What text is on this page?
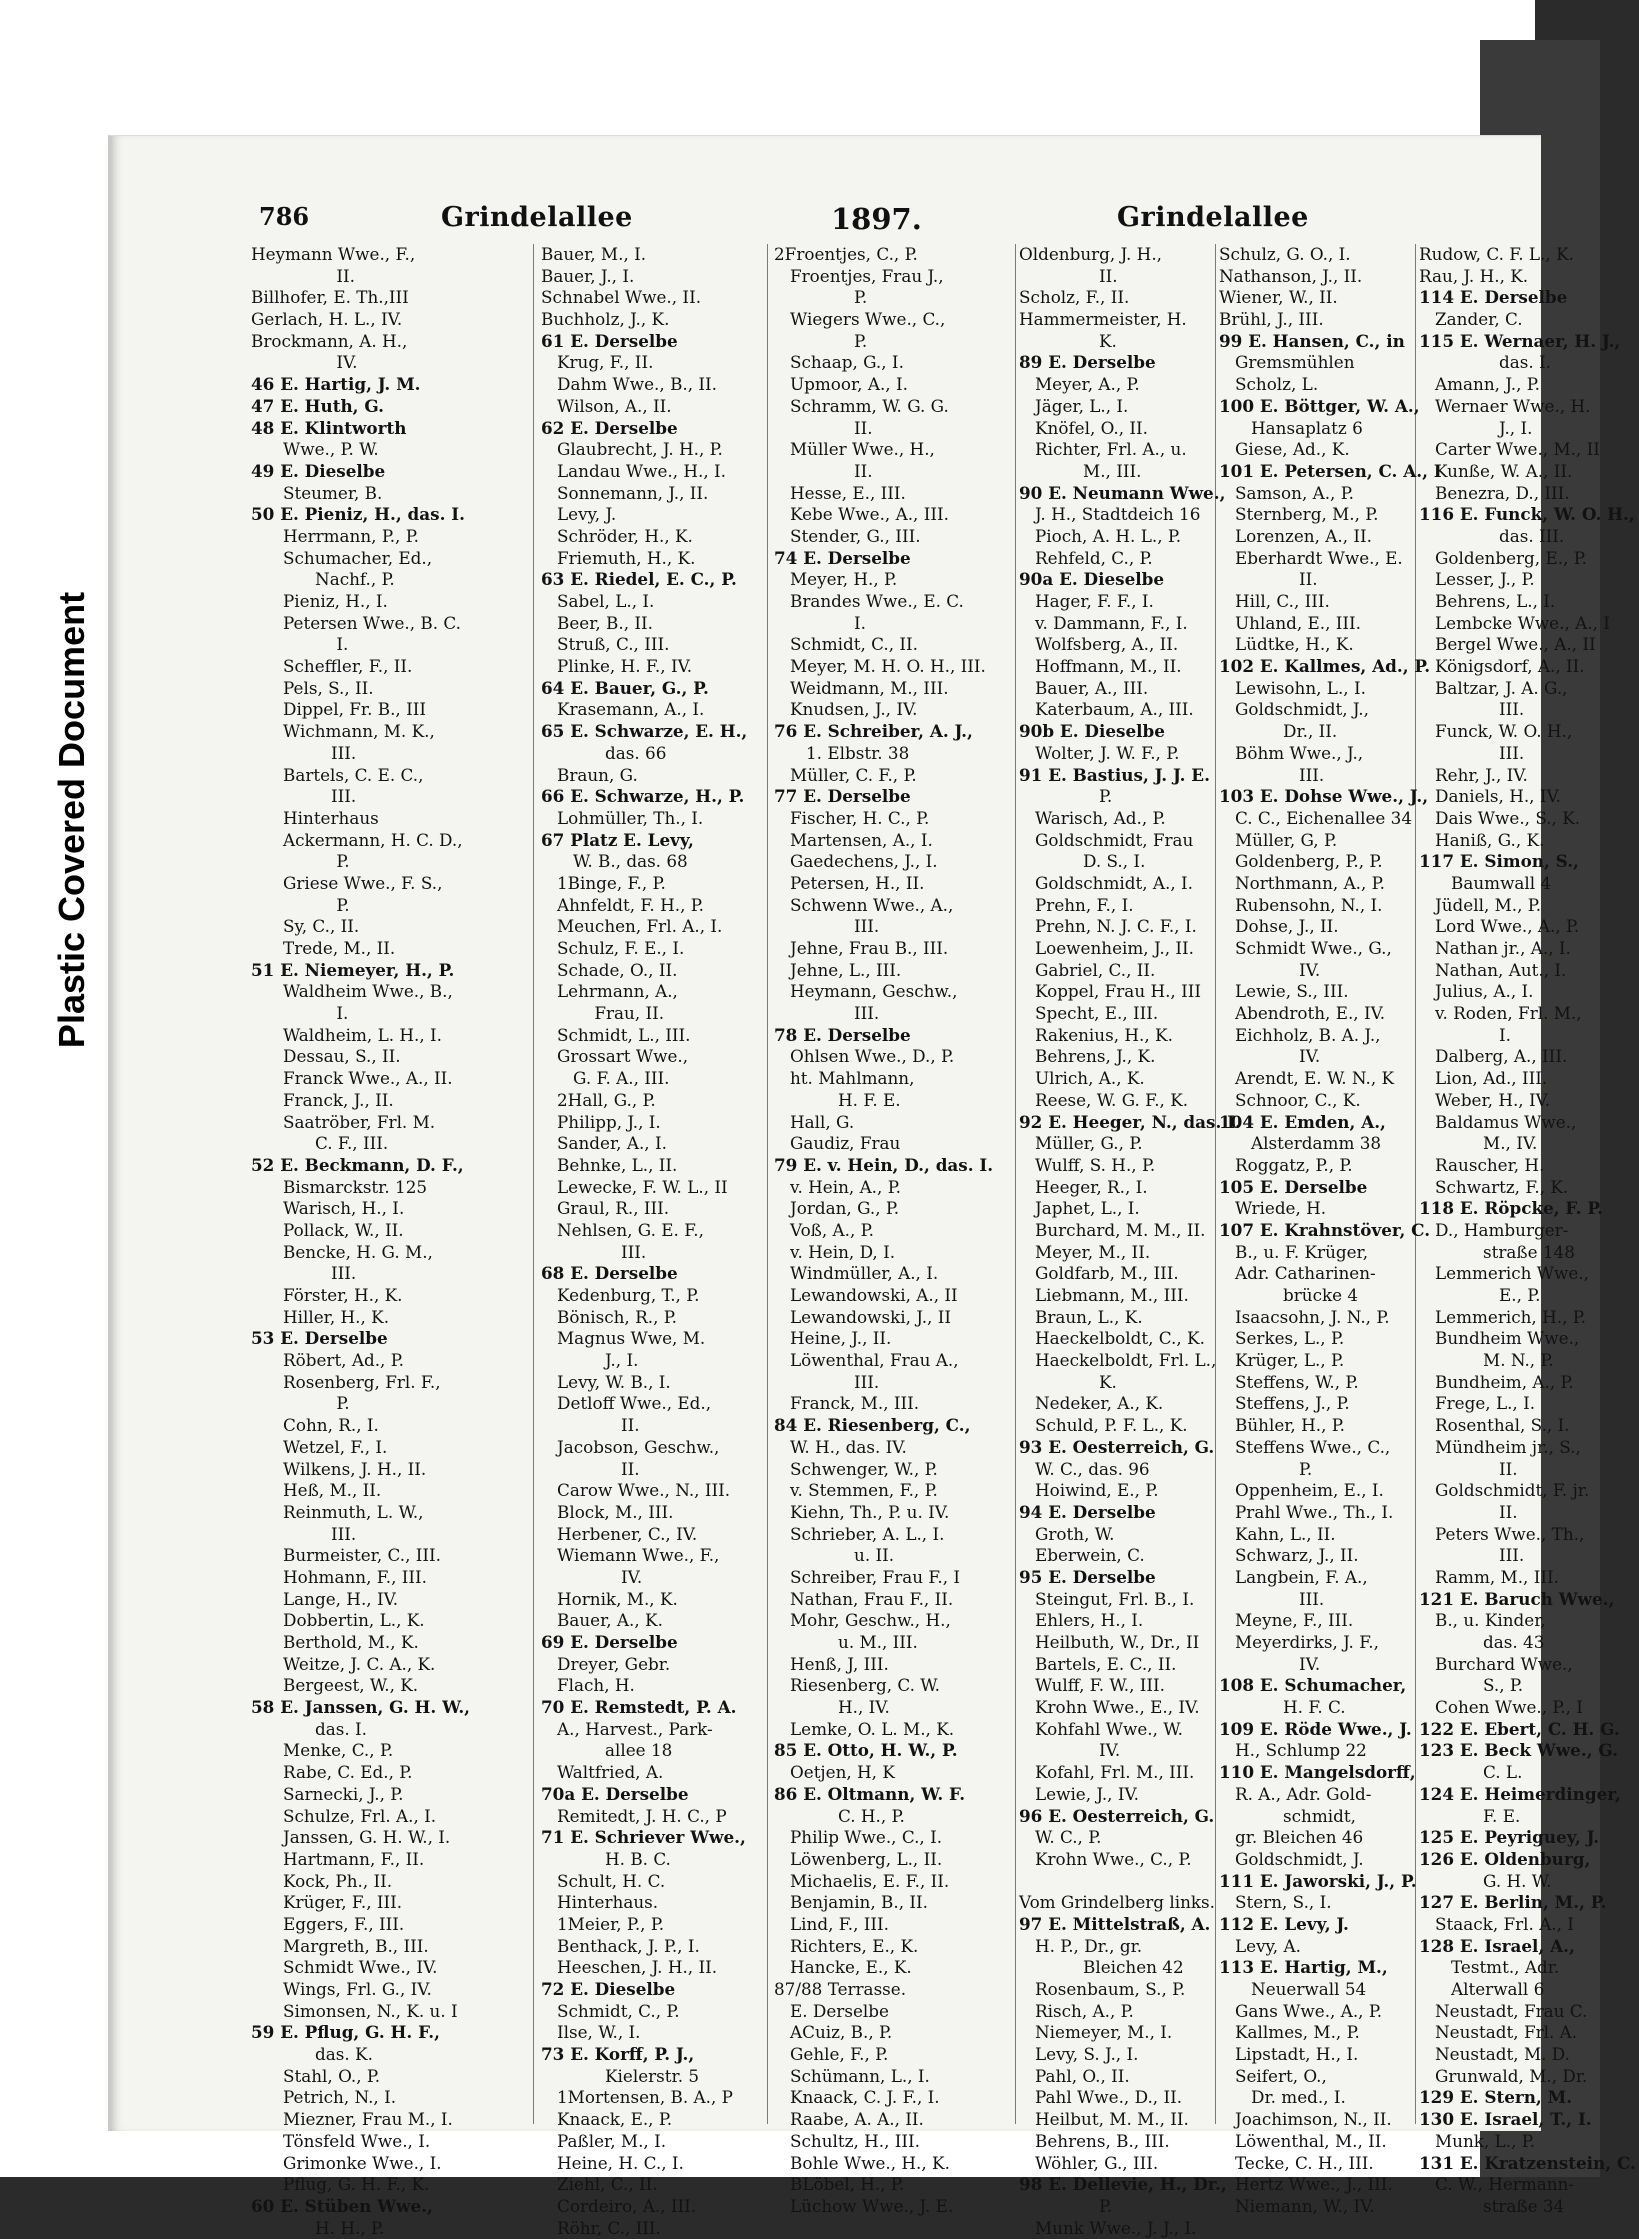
Plastic Covered Document
786	Grindelallee	1897.	Grindelallee
Heymann Wwe., F.,
II.
Billhofer, E. Th.,III
Gerlach, H. L., IV.
Brockmann, A. H.,
IV.
46 E. Hartig, J. M.
47 E. Huth, G.
48 E. Klintworth
Wwe., P. W.
49 E. Dieselbe
Steumer, B.
50 E. Pieniz, H., das. I.
Herrmann, P., P.
Schumacher, Ed.,
Nachf., P.
Pieniz, H., I.
Petersen Wwe., B. C.
I.
Scheffler, F., II.
Pels, S., II.
Dippel, Fr. B., III
Wichmann, M. K.,
III.
Bartels, C. E. C.,
III.
Hinterhaus
Ackermann, H. C. D.,
P.
Griese Wwe., F. S.,
P.
Sy, C., II.
Trede, M., II.
51 E. Niemeyer, H., P.
Waldheim Wwe., B.,
I.
Waldheim, L. H., I.
Dessau, S., II.
Franck Wwe., A., II.
Franck, J., II.
Saatröber, Frl. M.
C. F., III.
52 E. Beckmann, D. F.,
Bismarckstr. 125
Warisch, H., I.
Pollack, W., II.
Bencke, H. G. M.,
III.
Förster, H., K.
Hiller, H., K.
53 E. Derselbe
Röbert, Ad., P.
Rosenberg, Frl. F.,
P.
Cohn, R., I.
Wetzel, F., I.
Wilkens, J. H., II.
Heß, M., II.
Reinmuth, L. W.,
III.
Burmeister, C., III.
Hohmann, F., III.
Lange, H., IV.
Dobbertin, L., K.
Berthold, M., K.
Weitze, J. C. A., K.
Bergeest, W., K.
58 E. Janssen, G. H. W.,
das. I.
Menke, C., P.
Rabe, C. Ed., P.
Sarnecki, J., P.
Schulze, Frl. A., I.
Janssen, G. H. W., I.
Hartmann, F., II.
Kock, Ph., II.
Krüger, F., III.
Eggers, F., III.
Margreth, B., III.
Schmidt Wwe., IV.
Wings, Frl. G., IV.
Simonsen, N., K. u. I
59 E. Pflug, G. H. F.,
das. K.
Stahl, O., P.
Petrich, N., I.
Miezner, Frau M., I.
Tönsfeld Wwe., I.
Grimonke Wwe., I.
Pflug, G. H. F., K.
60 E. Stüben Wwe.,
H. H., P.
Bauer, M., I.
Bauer, J., I.
Schnabel Wwe., II.
Buchholz, J., K.
61 E. Derselbe
Krug, F., II.
Dahm Wwe., B., II.
Wilson, A., II.
62 E. Derselbe
Glaubrecht, J. H., P.
Landau Wwe., H., I.
Sonnemann, J., II.
Levy, J.
Schröder, H., K.
Friemuth, H., K.
63 E. Riedel, E. C., P.
Sabel, L., I.
Beer, B., II.
Struß, C., III.
Plinke, H. F., IV.
64 E. Bauer, G., P.
Krasemann, A., I.
65 E. Schwarze, E. H.,
das. 66
Braun, G.
66 E. Schwarze, H., P.
Lohmüller, Th., I.
67 Platz E. Levy,
W. B., das. 68
1Binge, F., P.
Ahnfeldt, F. H., P.
Meuchen, Frl. A., I.
Schulz, F. E., I.
Schade, O., II.
Lehrmann, A.,
Frau, II.
Schmidt, L., III.
Grossart Wwe.,
G. F. A., III.
2Hall, G., P.
Philipp, J., I.
Sander, A., I.
Behnke, L., II.
Lewecke, F. W. L., II
Graul, R., III.
Nehlsen, G. E. F.,
III.
68 E. Derselbe
Kedenburg, T., P.
Bönisch, R., P.
Magnus Wwe, M.
J., I.
Levy, W. B., I.
Detloff Wwe., Ed.,
II.
Jacobson, Geschw.,
II.
Carow Wwe., N., III.
Block, M., III.
Herbener, C., IV.
Wiemann Wwe., F.,
IV.
Hornik, M., K.
Bauer, A., K.
69 E. Derselbe
Dreyer, Gebr.
Flach, H.
70 E. Remstedt, P. A.
A., Harvest., Park-
allee 18
Waltfried, A.
70a E. Derselbe
Remitedt, J. H. C., P
71 E. Schriever Wwe.,
H. B. C.
Schult, H. C.
Hinterhaus.
1Meier, P., P.
Benthack, J. P., I.
Heeschen, J. H., II.
72 E. Dieselbe
Schmidt, C., P.
Ilse, W., I.
73 E. Korff, P. J.,
Kielerstr. 5
1Mortensen, B. A., P
Knaack, E., P.
Paßler, M., I.
Heine, H. C., I.
Ziehl, C., II.
Cordeiro, A., III.
Röhr, C., III.
2Froentjes, C., P.
Froentjes, Frau J.,
P.
Wiegers Wwe., C.,
P.
Schaap, G., I.
Upmoor, A., I.
Schramm, W. G. G.
II.
Müller Wwe., H.,
II.
Hesse, E., III.
Kebe Wwe., A., III.
Stender, G., III.
74 E. Derselbe
Meyer, H., P.
Brandes Wwe., E. C.
I.
Schmidt, C., II.
Meyer, M. H. O. H., III.
Weidmann, M., III.
Knudsen, J., IV.
76 E. Schreiber, A. J.,
1. Elbstr. 38
Müller, C. F., P.
77 E. Derselbe
Fischer, H. C., P.
Martensen, A., I.
Gaedechens, J., I.
Petersen, H., II.
Schwenn Wwe., A.,
III.
Jehne, Frau B., III.
Jehne, L., III.
Heymann, Geschw.,
III.
78 E. Derselbe
Ohlsen Wwe., D., P.
ht. Mahlmann,
H. F. E.
Hall, G.
Gaudiz, Frau
79 E. v. Hein, D., das. I.
v. Hein, A., P.
Jordan, G., P.
Voß, A., P.
v. Hein, D, I.
Windmüller, A., I.
Lewandowski, A., II
Lewandowski, J., II
Heine, J., II.
Löwenthal, Frau A.,
III.
Franck, M., III.
84 E. Riesenberg, C.,
W. H., das. IV.
Schwenger, W., P.
v. Stemmen, F., P.
Kiehn, Th., P. u. IV.
Schrieber, A. L., I.
u. II.
Schreiber, Frau F., I
Nathan, Frau F., II.
Mohr, Geschw., H.,
u. M., III.
Henß, J, III.
Riesenberg, C. W.
H., IV.
Lemke, O. L. M., K.
85 E. Otto, H. W., P.
Oetjen, H, K
86 E. Oltmann, W. F.
C. H., P.
Philip Wwe., C., I.
Löwenberg, L., II.
Michaelis, E. F., II.
Benjamin, B., II.
Lind, F., III.
Richters, E., K.
Hancke, E., K.
87/88 Terrasse.
E. Derselbe
ACuiz, B., P.
Gehle, F., P.
Schümann, L., I.
Knaack, C. J. F., I.
Raabe, A. A., II.
Schultz, H., III.
Bohle Wwe., H., K.
BLöbel, H., P.
Lüchow Wwe., J. E.
Oldenburg, J. H.,
II.
Scholz, F., II.
Hammermeister, H.
K.
89 E. Derselbe
Meyer, A., P.
Jäger, L., I.
Knöfel, O., II.
Richter, Frl. A., u.
M., III.
90 E. Neumann Wwe.,
J. H., Stadtdeich 16
Pioch, A. H. L., P.
Rehfeld, C., P.
90a E. Dieselbe
Hager, F. F., I.
v. Dammann, F., I.
Wolfsberg, A., II.
Hoffmann, M., II.
Bauer, A., III.
Katerbaum, A., III.
90b E. Dieselbe
Wolter, J. W. F., P.
91 E. Bastius, J. J. E.
P.
Warisch, Ad., P.
Goldschmidt, Frau
D. S., I.
Goldschmidt, A., I.
Prehn, F., I.
Prehn, N. J. C. F., I.
Loewenheim, J., II.
Gabriel, C., II.
Koppel, Frau H., III
Specht, E., III.
Rakenius, H., K.
Behrens, J., K.
Ulrich, A., K.
Reese, W. G. F., K.
92 E. Heeger, N., das. I.
Müller, G., P.
Wulff, S. H., P.
Heeger, R., I.
Japhet, L., I.
Burchard, M. M., II.
Meyer, M., II.
Goldfarb, M., III.
Liebmann, M., III.
Braun, L., K.
Haeckelboldt, C., K.
Haeckelboldt, Frl. L.,
K.
Nedeker, A., K.
Schuld, P. F. L., K.
93 E. Oesterreich, G.
W. C., das. 96
Hoiwind, E., P.
94 E. Derselbe
Groth, W.
Eberwein, C.
95 E. Derselbe
Steingut, Frl. B., I.
Ehlers, H., I.
Heilbuth, W., Dr., II
Bartels, E. C., II.
Wulff, F. W., III.
Krohn Wwe., E., IV.
Kohfahl Wwe., W.
IV.
Kofahl, Frl. M., III.
Lewie, J., IV.
96 E. Oesterreich, G.
W. C., P.
Krohn Wwe., C., P.
Vom Grindelberg links.
97 E. Mittelstraß, A.
H. P., Dr., gr.
Bleichen 42
Rosenbaum, S., P.
Risch, A., P.
Niemeyer, M., I.
Levy, S. J., I.
Pahl, O., II.
Pahl Wwe., D., II.
Heilbut, M. M., II.
Behrens, B., III.
Wöhler, G., III.
98 E. Dellevie, H., Dr.,
P.
Munk Wwe., J. J., I.
Schulz, G. O., I.
Nathanson, J., II.
Wiener, W., II.
Brühl, J., III.
99 E. Hansen, C., in
Gremsmühlen
Scholz, L.
100 E. Böttger, W. A.,
Hansaplatz 6
Giese, Ad., K.
101 E. Petersen, C. A., I
Samson, A., P.
Sternberg, M., P.
Lorenzen, A., II.
Eberhardt Wwe., E.
II.
Hill, C., III.
Uhland, E., III.
Lüdtke, H., K.
102 E. Kallmes, Ad., P.
Lewisohn, L., I.
Goldschmidt, J.,
Dr., II.
Böhm Wwe., J.,
III.
103 E. Dohse Wwe., J.,
C. C., Eichenallee 34
Müller, G, P.
Goldenberg, P., P.
Northmann, A., P.
Rubensohn, N., I.
Dohse, J., II.
Schmidt Wwe., G.,
IV.
Lewie, S., III.
Abendroth, E., IV.
Eichholz, B. A. J.,
IV.
Arendt, E. W. N., K
Schnoor, C., K.
104 E. Emden, A.,
Alsterdamm 38
Roggatz, P., P.
105 E. Derselbe
Wriede, H.
107 E. Krahnstöver, C.
B., u. F. Krüger,
Adr. Catharinen-
brücke 4
Isaacsohn, J. N., P.
Serkes, L., P.
Krüger, L., P.
Steffens, W., P.
Steffens, J., P.
Bühler, H., P.
Steffens Wwe., C.,
P.
Oppenheim, E., I.
Prahl Wwe., Th., I.
Kahn, L., II.
Schwarz, J., II.
Langbein, F. A.,
III.
Meyne, F., III.
Meyerdirks, J. F.,
IV.
108 E. Schumacher,
H. F. C.
109 E. Röde Wwe., J.
H., Schlump 22
110 E. Mangelsdorff,
R. A., Adr. Gold-
schmidt,
gr. Bleichen 46
Goldschmidt, J.
111 E. Jaworski, J., P.
Stern, S., I.
112 E. Levy, J.
Levy, A.
113 E. Hartig, M.,
Neuerwall 54
Gans Wwe., A., P.
Kallmes, M., P.
Lipstadt, H., I.
Seifert, O.,
Dr. med., I.
Joachimson, N., II.
Löwenthal, M., II.
Tecke, C. H., III.
Hertz Wwe., J., III.
Niemann, W., IV.
Rudow, C. F. L., K.
Rau, J. H., K.
114 E. Derselbe
Zander, C.
115 E. Wernaer, H. J.,
das. I.
Amann, J., P.
Wernaer Wwe., H.
J., I.
Carter Wwe., M., II
Kunße, W. A., II.
Benezra, D., III.
116 E. Funck, W. O. H.,
das. III.
Goldenberg, E., P.
Lesser, J., P.
Behrens, L., I.
Lembcke Wwe., A., I
Bergel Wwe., A., II
Königsdorf, A., II.
Baltzar, J. A. G.,
III.
Funck, W. O. H.,
III.
Rehr, J., IV.
Daniels, H., IV.
Dais Wwe., S., K.
Haniß, G., K.
117 E. Simon, S.,
Baumwall 4
Jüdell, M., P.
Lord Wwe., A., P.
Nathan jr., A., I.
Nathan, Aut., I.
Julius, A., I.
v. Roden, Frl. M.,
I.
Dalberg, A., III.
Lion, Ad., III.
Weber, H., IV.
Baldamus Wwe.,
M., IV.
Rauscher, H.
Schwartz, F., K.
118 E. Röpcke, F. P.
D., Hamburger-
straße 148
Lemmerich Wwe.,
E., P.
Lemmerich, H., P.
Bundheim Wwe.,
M. N., P.
Bundheim, A., P.
Frege, L., I.
Rosenthal, S., I.
Mündheim jr., S.,
II.
Goldschmidt, F. jr.
II.
Peters Wwe., Th.,
III.
Ramm, M., III.
121 E. Baruch Wwe.,
B., u. Kinder,
das. 43
Burchard Wwe.,
S., P.
Cohen Wwe., P., I
122 E. Ebert, C. H. G.
123 E. Beck Wwe., G.
C. L.
124 E. Heimerdinger,
F. E.
125 E. Peyriguey, J.
126 E. Oldenburg,
G. H. W.
127 E. Berlin, M., P.
Staack, Frl. A., I
128 E. Israel, A.,
Testmt., Adr.
Alterwall 6
Neustadt, Frau C.
Neustadt, Frl. A.
Neustadt, M. D.
Grunwald, M., Dr.
129 E. Stern, M.
130 E. Israel, T., I.
Munk, L., P.
131 E. Kratzenstein, C.
C. W., Hermann-
straße 34
